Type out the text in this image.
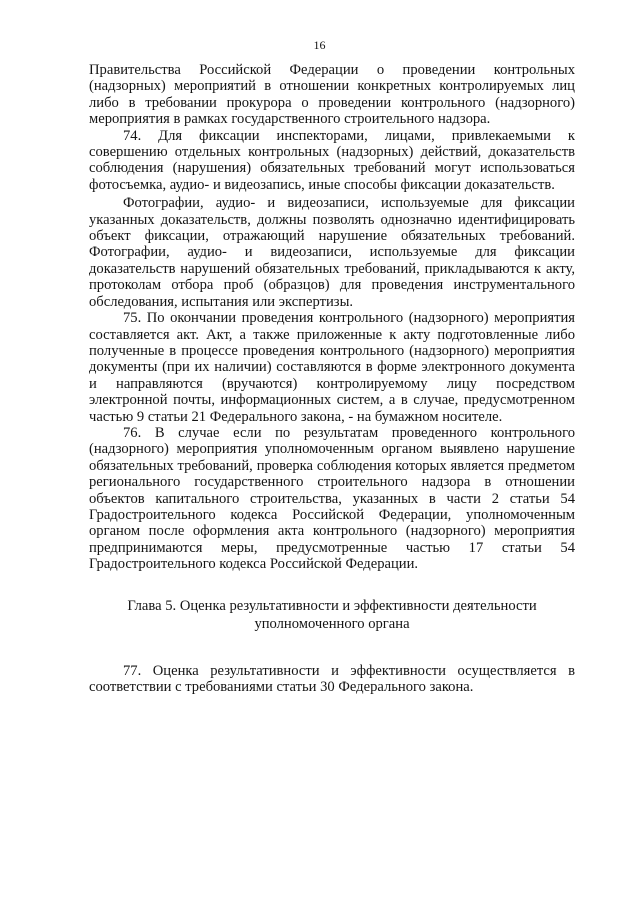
16

Правительства Российской Федерации о проведении контрольных (надзорных) мероприятий в отношении конкретных контролируемых лиц либо в требовании прокурора о проведении контрольного (надзорного) мероприятия в рамках государственного строительного надзора.

74. Для фиксации инспекторами, лицами, привлекаемыми к совершению отдельных контрольных (надзорных) действий, доказательств соблюдения (нарушения) обязательных требований могут использоваться фотосъемка, аудио- и видеозапись, иные способы фиксации доказательств.

Фотографии, аудио- и видеозаписи, используемые для фиксации указанных доказательств, должны позволять однозначно идентифицировать объект фиксации, отражающий нарушение обязательных требований. Фотографии, аудио- и видеозаписи, используемые для фиксации доказательств нарушений обязательных требований, прикладываются к акту, протоколам отбора проб (образцов) для проведения инструментального обследования, испытания или экспертизы.

75. По окончании проведения контрольного (надзорного) мероприятия составляется акт. Акт, а также приложенные к акту подготовленные либо полученные в процессе проведения контрольного (надзорного) мероприятия документы (при их наличии) составляются в форме электронного документа и направляются (вручаются) контролируемому лицу посредством электронной почты, информационных систем, а в случае, предусмотренном частью 9 статьи 21 Федерального закона, - на бумажном носителе.

76. В случае если по результатам проведенного контрольного (надзорного) мероприятия уполномоченным органом выявлено нарушение обязательных требований, проверка соблюдения которых является предметом регионального государственного строительного надзора в отношении объектов капитального строительства, указанных в части 2 статьи 54 Градостроительного кодекса Российской Федерации, уполномоченным органом после оформления акта контрольного (надзорного) мероприятия предпринимаются меры, предусмотренные частью 17 статьи 54 Градостроительного кодекса Российской Федерации.

Глава 5. Оценка результативности и эффективности деятельности
уполномоченного органа

77. Оценка результативности и эффективности осуществляется в соответствии с требованиями статьи 30 Федерального закона.
